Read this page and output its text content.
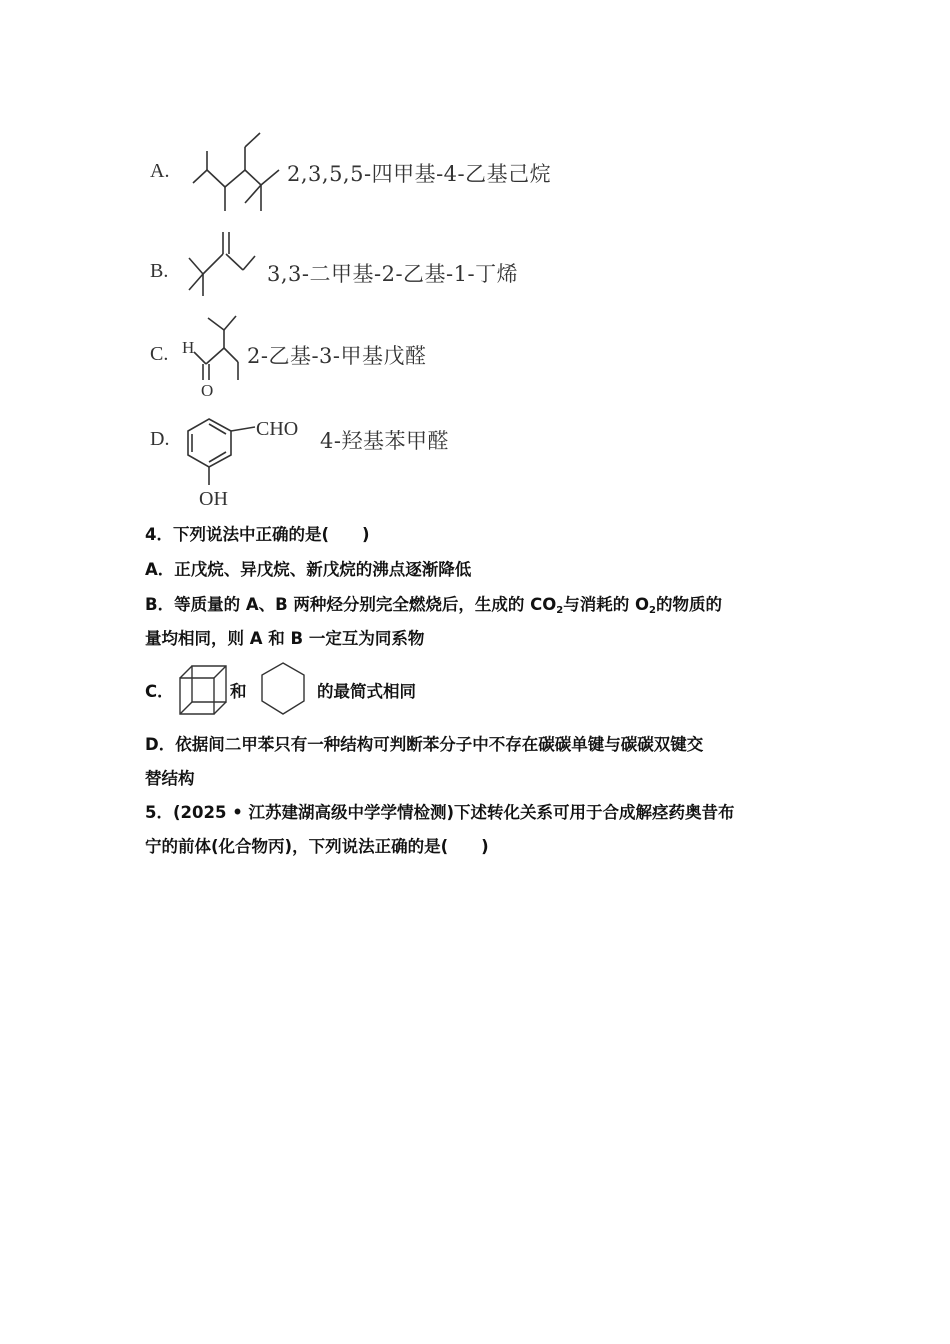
A.	2,3,5,5-四甲基-4-乙基己烷
B.	3,3-二甲基-2-乙基-1-丁烯
C. H
O
2-乙基-3-甲基戊醛
D.	CHO
OH
4-羟基苯甲醛
4．下列说法中正确的是(　　)
A．正戊烷、异戊烷、新戊烷的沸点逐渐降低
B．等质量的 A、B 两种烃分别完全燃烧后，生成的 $CO_2$与消耗的 $O_2$的物质的
量均相同，则 A 和 B 一定互为同系物
C．	和	的最简式相同
D．依据间二甲苯只有一种结构可判断苯分子中不存在碳碳单键与碳碳双键交
替结构
5．(2025 • 江苏建湖高级中学学情检测)下述转化关系可用于合成解痉药奥昔布
宁的前体(化合物丙)，下列说法正确的是(　　)
